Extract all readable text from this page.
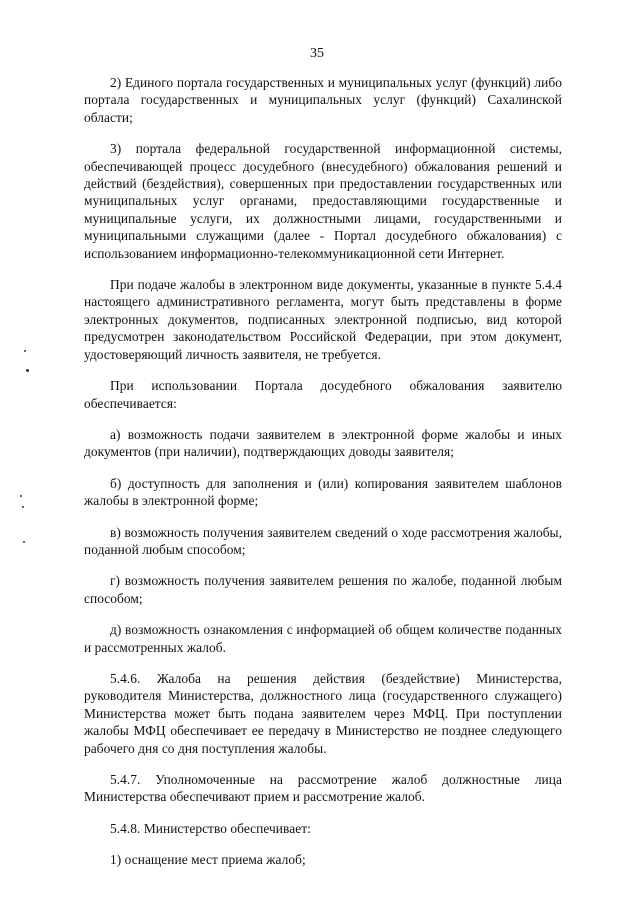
35

2) Единого портала государственных и муниципальных услуг (функций) либо портала государственных и муниципальных услуг (функций) Сахалинской области;

3) портала федеральной государственной информационной системы, обеспечивающей процесс досудебного (внесудебного) обжалования решений и действий (бездействия), совершенных при предоставлении государственных или муниципальных услуг органами, предоставляющими государственные и муниципальные услуги, их должностными лицами, государственными и муниципальными служащими (далее - Портал досудебного обжалования) с использованием информационно-телекоммуникационной сети Интернет.

При подаче жалобы в электронном виде документы, указанные в пункте 5.4.4 настоящего административного регламента, могут быть представлены в форме электронных документов, подписанных электронной подписью, вид которой предусмотрен законодательством Российской Федерации, при этом документ, удостоверяющий личность заявителя, не требуется.

При использовании Портала досудебного обжалования заявителю обеспечивается:

а) возможность подачи заявителем в электронной форме жалобы и иных документов (при наличии), подтверждающих доводы заявителя;

б) доступность для заполнения и (или) копирования заявителем шаблонов жалобы в электронной форме;

в) возможность получения заявителем сведений о ходе рассмотрения жалобы, поданной любым способом;

г) возможность получения заявителем решения по жалобе, поданной любым способом;

д) возможность ознакомления с информацией об общем количестве поданных и рассмотренных жалоб.

5.4.6. Жалоба на решения действия (бездействие) Министерства, руководителя Министерства, должностного лица (государственного служащего) Министерства может быть подана заявителем через МФЦ. При поступлении жалобы МФЦ обеспечивает ее передачу в Министерство не позднее следующего рабочего дня со дня поступления жалобы.

5.4.7. Уполномоченные на рассмотрение жалоб должностные лица Министерства обеспечивают прием и рассмотрение жалоб.

5.4.8. Министерство обеспечивает:

1) оснащение мест приема жалоб;
